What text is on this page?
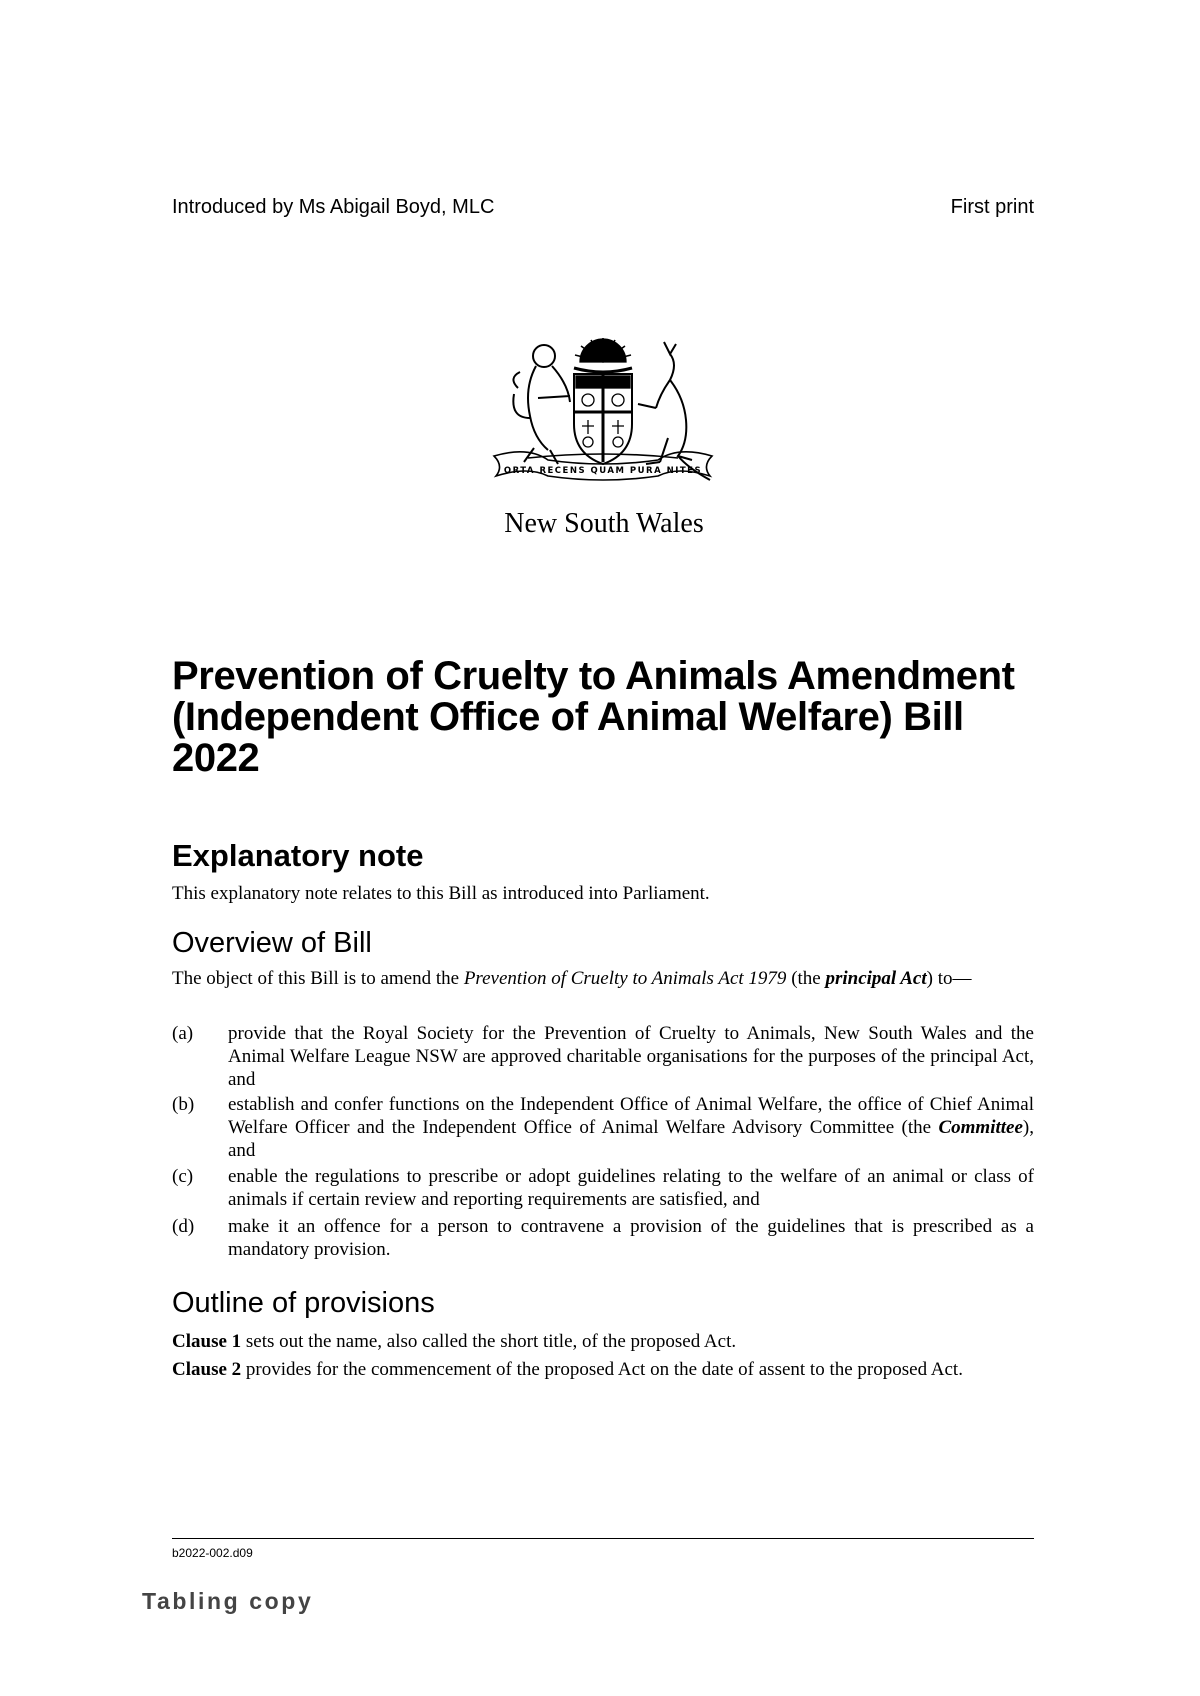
Introduced by Ms Abigail Boyd, MLC	First print
ORTA RECENS QUAM PURA NITES
New South Wales
Prevention of Cruelty to Animals Amendment (Independent Office of Animal Welfare) Bill 2022
Explanatory note
This explanatory note relates to this Bill as introduced into Parliament.
Overview of Bill
The object of this Bill is to amend the Prevention of Cruelty to Animals Act 1979 (the principal Act) to—
(a) provide that the Royal Society for the Prevention of Cruelty to Animals, New South Wales and the Animal Welfare League NSW are approved charitable organisations for the purposes of the principal Act, and
(b) establish and confer functions on the Independent Office of Animal Welfare, the office of Chief Animal Welfare Officer and the Independent Office of Animal Welfare Advisory Committee (the Committee), and
(c) enable the regulations to prescribe or adopt guidelines relating to the welfare of an animal or class of animals if certain review and reporting requirements are satisfied, and
(d) make it an offence for a person to contravene a provision of the guidelines that is prescribed as a mandatory provision.
Outline of provisions
Clause 1 sets out the name, also called the short title, of the proposed Act.
Clause 2 provides for the commencement of the proposed Act on the date of assent to the proposed Act.
b2022-002.d09
Tabling copy
